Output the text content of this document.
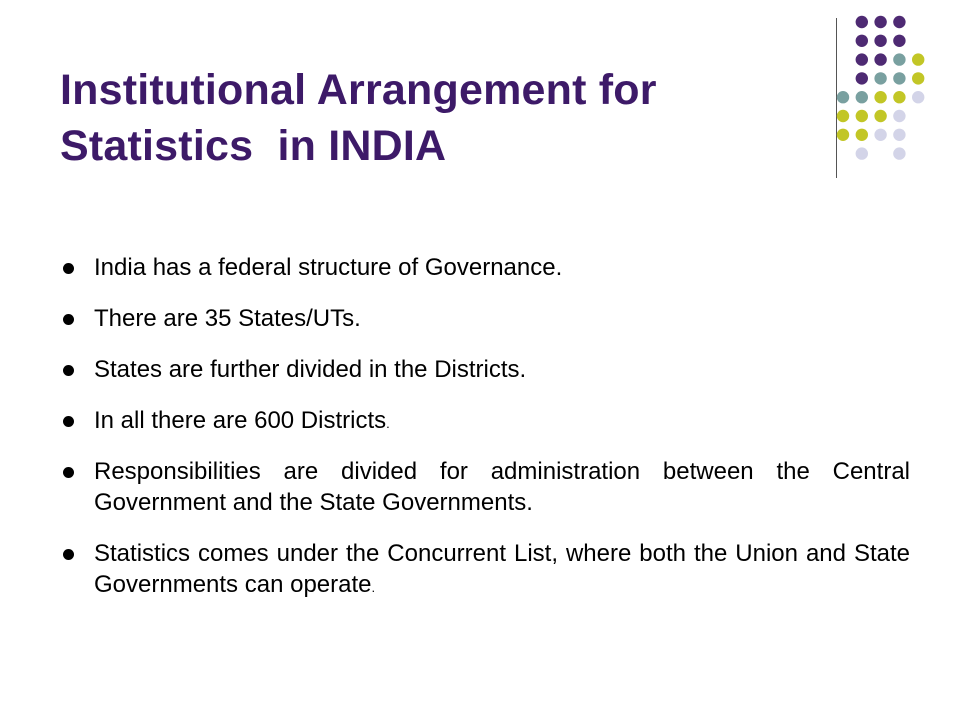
Institutional Arrangement for
Statistics  in INDIA
India has a federal structure of Governance.
There are 35 States/UTs.
States are further divided in the Districts.
In all there are 600 Districts.
Responsibilities are divided for administration between the Central Government and the State Governments.
Statistics comes under the Concurrent List, where both the Union and State Governments can operate.
